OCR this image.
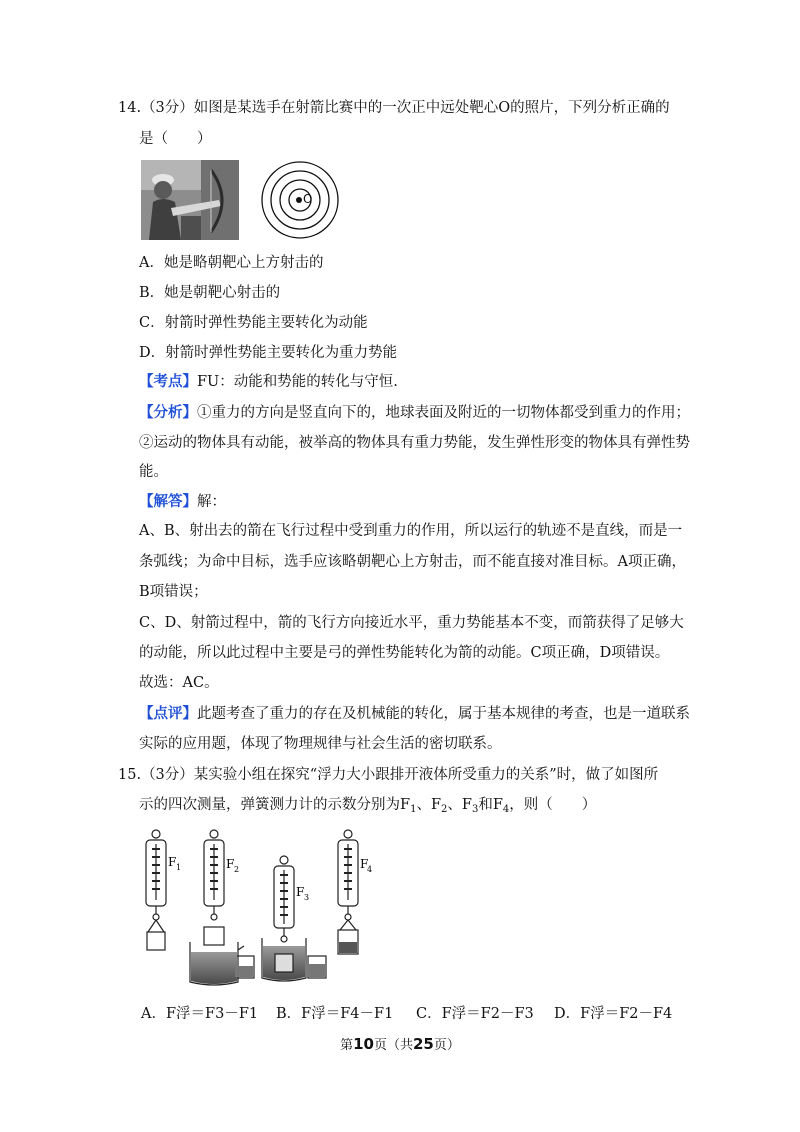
14.（3分）如图是某选手在射箭比赛中的一次正中远处靶心O的照片，下列分析正确的
是（　　）
O
A．她是略朝靶心上方射击的
B．她是朝靶心射击的
C．射箭时弹性势能主要转化为动能
D．射箭时弹性势能主要转化为重力势能
【考点】FU：动能和势能的转化与守恒.
【分析】①重力的方向是竖直向下的，地球表面及附近的一切物体都受到重力的作用；
②运动的物体具有动能，被举高的物体具有重力势能，发生弹性形变的物体具有弹性势
能。
【解答】解：
A、B、射出去的箭在飞行过程中受到重力的作用，所以运行的轨迹不是直线，而是一
条弧线；为命中目标，选手应该略朝靶心上方射击，而不能直接对准目标。A项正确，
B项错误；
C、D、射箭过程中，箭的飞行方向接近水平，重力势能基本不变，而箭获得了足够大
的动能，所以此过程中主要是弓的弹性势能转化为箭的动能。C项正确，D项错误。
故选：AC。
【点评】此题考查了重力的存在及机械能的转化，属于基本规律的考查，也是一道联系
实际的应用题，体现了物理规律与社会生活的密切联系。
15.（3分）某实验小组在探究“浮力大小跟排开液体所受重力的关系”时，做了如图所
示的四次测量，弹簧测力计的示数分别为$F_1$、$F_2$、$F_3$和$F_4$，则（　　）
F 1	F 2
F 3
F
4
A．F浮＝F3－F1 B．F浮＝F4－F1 C．F浮＝F2－F3 D．F浮＝F2－F4
第10页（共25页）
